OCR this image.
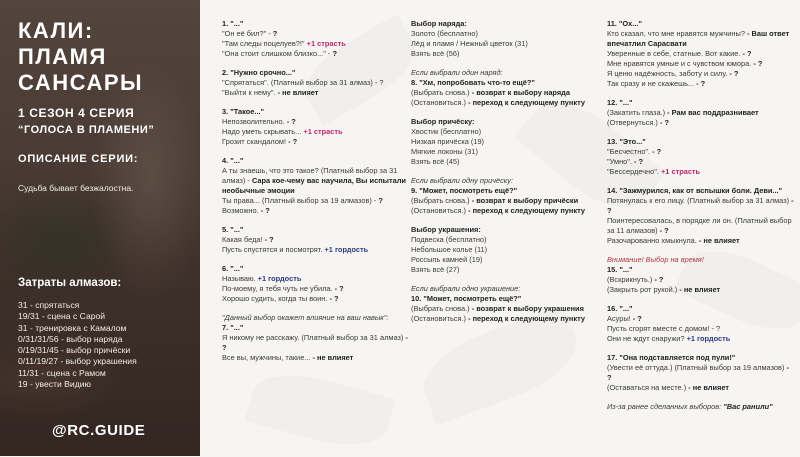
КАЛИ:
ПЛАМЯ
САНСАРЫ
1 СЕЗОН 4 СЕРИЯ
“ГОЛОСА В ПЛАМЕНИ”
ОПИСАНИЕ СЕРИИ:
Судьба бывает безжалостна.
Затраты алмазов:
31 - спрятаться
19/31 - сцена с Сарой
31 - тренировка с Камалом
0/31/31/56 - выбор наряда
0/19/31/45 - выбор причёски
0/11/19/27 - выбор украшения
11/31 - сцена с Рамом
19 - увести Видию
@RC.GUIDE
1. "..."
"Он её бил?" - ?
"Там следы поцелуев?!" +1 страсть
"Она стоит слишком близко..." - ?
2. "Нужно срочно..."
"Спрятаться". (Платный выбор за 31 алмаз) - ?
"Выйти к нему". - не влияет
3. "Такое..."
Непозволительно. - ?
Надо уметь скрывать... +1 страсть
Грозит скандалом! - ?
4. "..."
А ты знаешь, что это такое? (Платный выбор за 31 алмаз) - Сара кое-чему вас научила, Вы испытали необычные эмоции
Ты права... (Платный выбор за 19 алмазов) - ?
Возможно. - ?
5. "..."
Какая беда! - ?
Пусть спустятся и посмотрят. +1 гордость
6. "..."
Называю. +1 гордость
По-моему, я тебя чуть не убила. - ?
Хорошо судить, когда ты воин. - ?
"Данный выбор окажет влияние на ваш навык":
7. "..."
Я никому не расскажу. (Платный выбор за 31 алмаз) - ?
Все вы, мужчины, такие... - не влияет
Выбор наряда:
Золото (бесплатно)
Лёд и пламя / Нежный цветок (31)
Взять всё (56)
Если выбрали один наряд:
8. "Хм, попробовать что-то ещё?"
(Выбрать снова.) - возврат к выбору наряда
(Остановиться.) - переход к следующему пункту
Выбор причёску:
Хвостик (бесплатно)
Низкая причёска (19)
Мягкие локоны (31)
Взять всё (45)
Если выбрали одну причёску:
9. "Может, посмотреть ещё?"
(Выбрать снова.) - возврат к выбору причёски
(Остановиться.) - переход к следующему пункту
Выбор украшения:
Подвеска (бесплатно)
Небольшое колье (11)
Россыпь камней (19)
Взять всё (27)
Если выбрали одно украшение:
10. "Может, посмотреть ещё?"
(Выбрать снова.) - возврат к выбору украшения
(Остановиться.) - переход к следующему пункту
11. "Ох..."
Кто сказал, что мне нравятся мужчины? - Ваш ответ впечатлил Сарасвати
Уверенные в себе, статные. Вот какие. - ?
Мне нравятся умные и с чувством юмора. - ?
Я ценю надёжность, заботу и силу. - ?
Так сразу и не скажешь... - ?
12. "..."
(Закатить глаза.) - Рам вас поддразнивает
(Отвернуться.) - ?
13. "Это..."
"Бесчестно". - ?
"Умно". - ?
"Бессердечно". +1 страсть
14. "Зажмурился, как от вспышки боли. Деви..."
Потянулась к его лицу. (Платный выбор за 31 алмаз) - ?
Поинтересовалась, в порядке ли он. (Платный выбор за 11 алмазов) - ?
Разочарованно хмыкнула. - не влияет
Внимание! Выбор на время!
15. "..."
(Вскрикнуть.) - ?
(Закрыть рот рукой.) - не влияет
16. "..."
Асуры! - ?
Пусть сгорят вместе с домом! - ?
Они не ждут снаружи? +1 гордость
17. "Она подставляется под пули!"
(Увести её оттуда.) (Платный выбор за 19 алмазов) - ?
(Оставаться на месте.) - не влияет
Из-за ранее сделанных выборов: "Вас ранили"
